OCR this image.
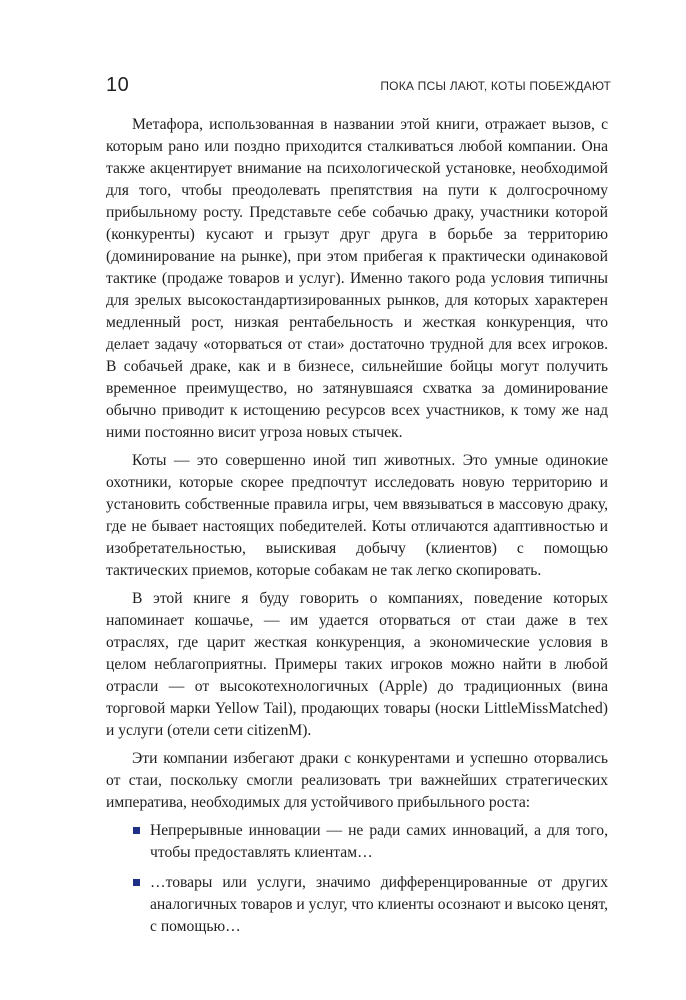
10	ПОКА ПСЫ ЛАЮТ, КОТЫ ПОБЕЖДАЮТ

Метафора, использованная в названии этой книги, отражает вызов, с которым рано или поздно приходится сталкиваться любой компании. Она также акцентирует внимание на психологической установке, необходимой для того, чтобы преодолевать препятствия на пути к долгосрочному прибыльному росту. Представьте себе собачью драку, участники которой (конкуренты) кусают и грызут друг друга в борьбе за территорию (доминирование на рынке), при этом прибегая к практически одинаковой тактике (продаже товаров и услуг). Именно такого рода условия типичны для зрелых высокостандартизированных рынков, для которых характерен медленный рост, низкая рентабельность и жесткая конкуренция, что делает задачу «оторваться от стаи» достаточно трудной для всех игроков. В собачьей драке, как и в бизнесе, сильнейшие бойцы могут получить временное преимущество, но затянувшаяся схватка за доминирование обычно приводит к истощению ресурсов всех участников, к тому же над ними постоянно висит угроза новых стычек.

Коты — это совершенно иной тип животных. Это умные одинокие охотники, которые скорее предпочтут исследовать новую территорию и установить собственные правила игры, чем ввязываться в массовую драку, где не бывает настоящих победителей. Коты отличаются адаптивностью и изобретательностью, выискивая добычу (клиентов) с помощью тактических приемов, которые собакам не так легко скопировать.

В этой книге я буду говорить о компаниях, поведение которых напоминает кошачье, — им удается оторваться от стаи даже в тех отраслях, где царит жесткая конкуренция, а экономические условия в целом неблагоприятны. Примеры таких игроков можно найти в любой отрасли — от высокотехнологичных (Apple) до традиционных (вина торговой марки Yellow Tail), продающих товары (носки LittleMissMatched) и услуги (отели сети citizenM).

Эти компании избегают драки с конкурентами и успешно оторвались от стаи, поскольку смогли реализовать три важнейших стратегических императива, необходимых для устойчивого прибыльного роста:

Непрерывные инновации — не ради самих инноваций, а для того, чтобы предоставлять клиентам…
…товары или услуги, значимо дифференцированные от других аналогичных товаров и услуг, что клиенты осознают и высоко ценят, с помощью…
